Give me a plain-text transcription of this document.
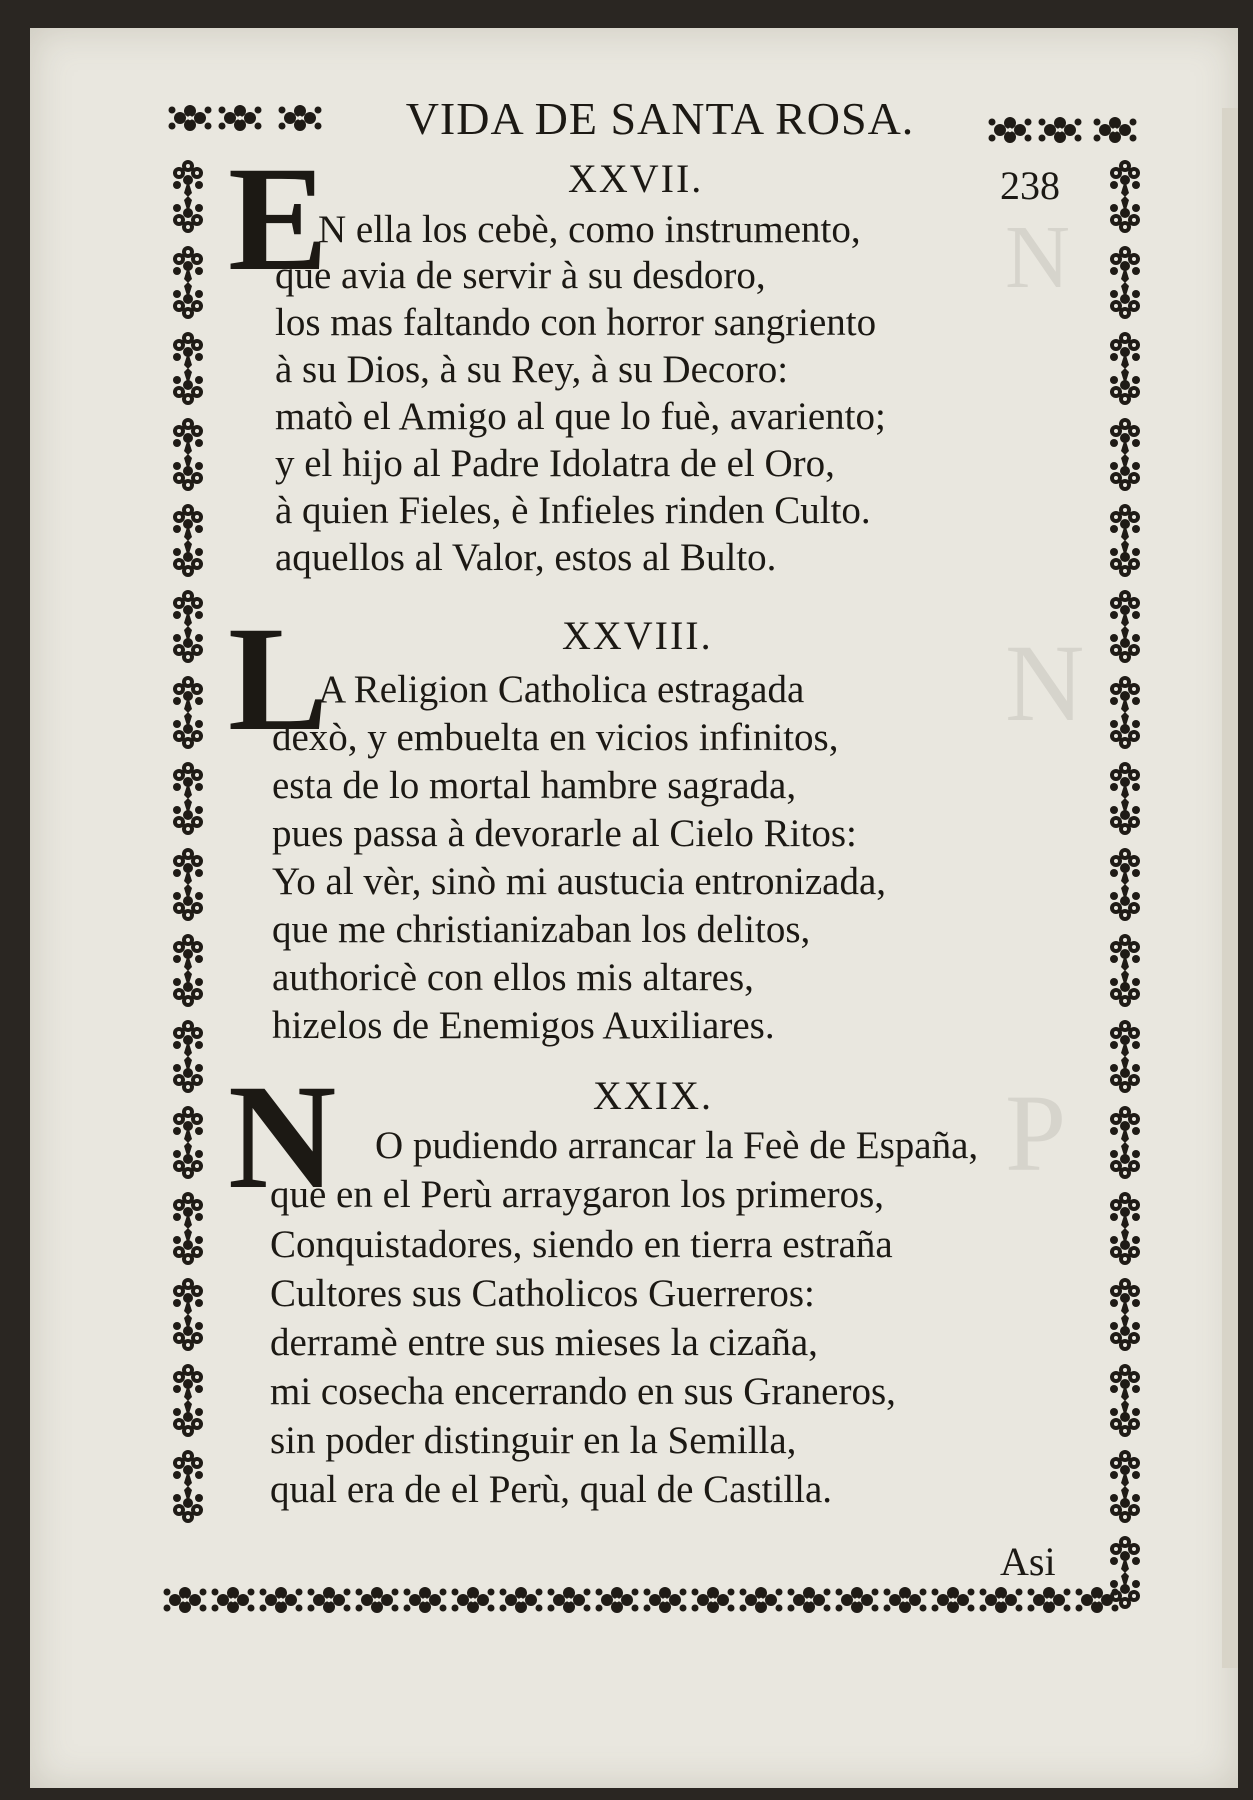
N
N
P
VIDA DE SANTA ROSA.
238
XXVII.
E
N ella los cebè, como instrumento,
que avia de servir à su desdoro,
los mas faltando con horror sangriento
à su Dios, à su Rey, à su Decoro:
matò el Amigo al que lo fuè, avariento;
y el hijo al Padre Idolatra de el Oro,
à quien Fieles, è Infieles rinden Culto.
aquellos al Valor, estos al Bulto.
XXVIII.
L
A Religion Catholica estragada
dexò, y embuelta en vicios infinitos,
esta de lo mortal hambre sagrada,
pues passa à devorarle al Cielo Ritos:
Yo al vèr, sinò mi austucia entronizada,
que me christianizaban los delitos,
authoricè con ellos mis altares,
hizelos de Enemigos Auxiliares.
XXIX.
N O pudiendo arrancar la Feè de España,
que en el Perù arraygaron los primeros,
Conquistadores, siendo en tierra estraña
Cultores sus Catholicos Guerreros:
derramè entre sus mieses la cizaña,
mi cosecha encerrando en sus Graneros,
sin poder distinguir en la Semilla,
qual era de el Perù, qual de Castilla.
Asi
